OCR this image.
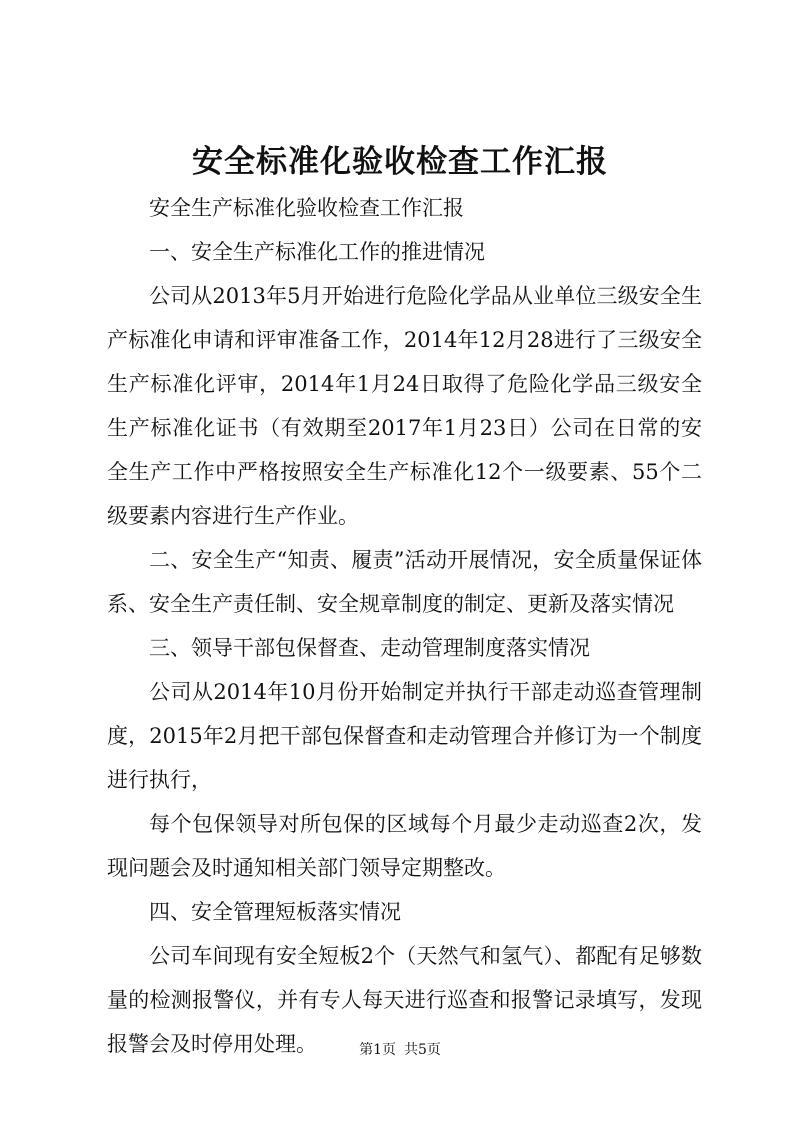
安全标准化验收检查工作汇报

安全生产标准化验收检查工作汇报

一、安全生产标准化工作的推进情况

公司从2013年5月开始进行危险化学品从业单位三级安全生产标准化申请和评审准备工作，2014年12月28进行了三级安全生产标准化评审，2014年1月24日取得了危险化学品三级安全生产标准化证书（有效期至2017年1月23日）公司在日常的安全生产工作中严格按照安全生产标准化12个一级要素、55个二级要素内容进行生产作业。

二、安全生产“知责、履责”活动开展情况，安全质量保证体系、安全生产责任制、安全规章制度的制定、更新及落实情况

三、领导干部包保督查、走动管理制度落实情况

公司从2014年10月份开始制定并执行干部走动巡查管理制度，2015年2月把干部包保督查和走动管理合并修订为一个制度进行执行，

每个包保领导对所包保的区域每个月最少走动巡查2次，发现问题会及时通知相关部门领导定期整改。

四、安全管理短板落实情况

公司车间现有安全短板2个（天然气和氢气）、都配有足够数量的检测报警仪，并有专人每天进行巡查和报警记录填写，发现报警会及时停用处理。	第1页 共5页
